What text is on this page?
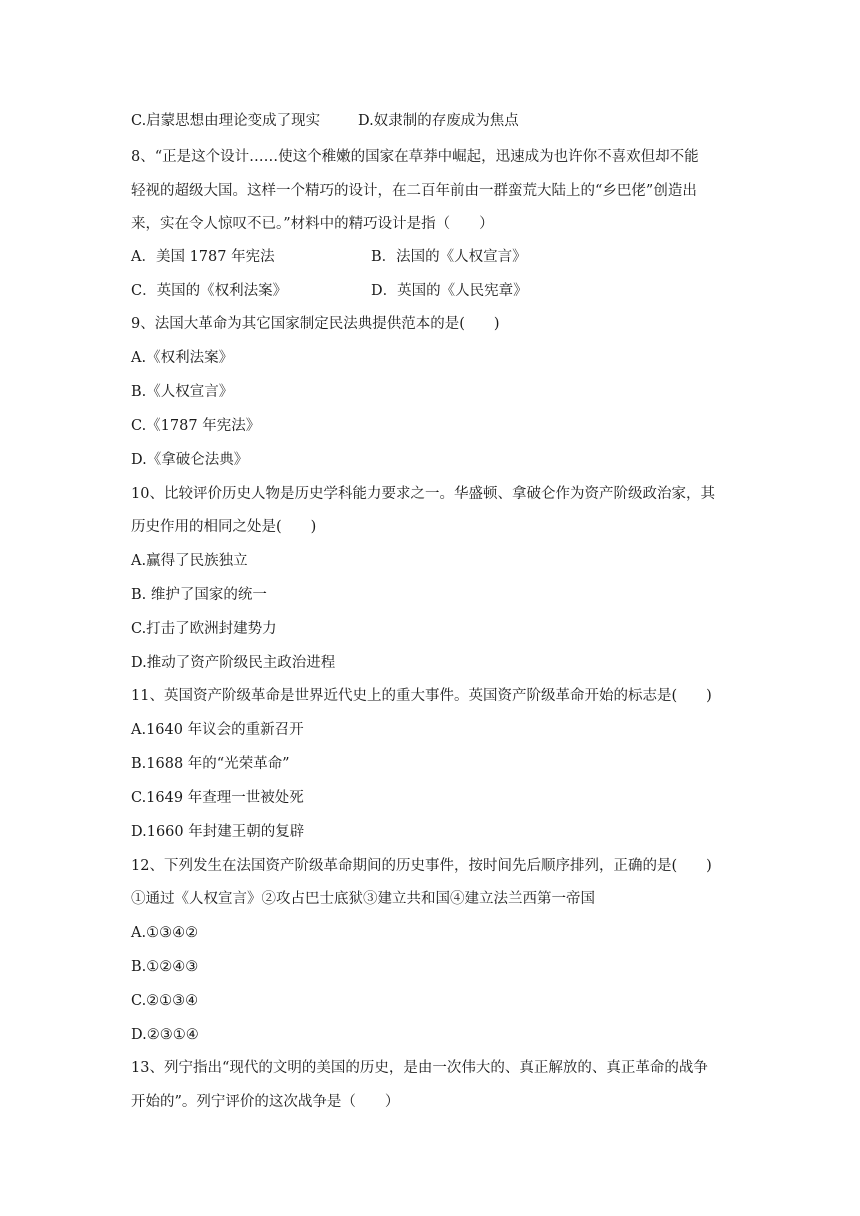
C.启蒙思想由理论变成了现实	D.奴隶制的存废成为焦点
8、“正是这个设计……使这个稚嫩的国家在草莽中崛起，迅速成为也许你不喜欢但却不能
轻视的超级大国。这样一个精巧的设计，在二百年前由一群蛮荒大陆上的“乡巴佬”创造出
来，实在令人惊叹不已。”材料中的精巧设计是指（　　）
A．美国 1787 年宪法	B．法国的《人权宣言》
C．英国的《权利法案》	D．英国的《人民宪章》
9、法国大革命为其它国家制定民法典提供范本的是(　　)
A.《权利法案》
B.《人权宣言》
C.《1787 年宪法》
D.《拿破仑法典》
10、比较评价历史人物是历史学科能力要求之一。华盛顿、拿破仑作为资产阶级政治家，其
历史作用的相同之处是(　　)
A.赢得了民族独立
B. 维护了国家的统一
C.打击了欧洲封建势力
D.推动了资产阶级民主政治进程
11、英国资产阶级革命是世界近代史上的重大事件。英国资产阶级革命开始的标志是(　　)
A.1640 年议会的重新召开
B.1688 年的“光荣革命”
C.1649 年查理一世被处死
D.1660 年封建王朝的复辟
12、下列发生在法国资产阶级革命期间的历史事件，按时间先后顺序排列，正确的是(　　)
①通过《人权宣言》②攻占巴士底狱③建立共和国④建立法兰西第一帝国
A.①③④②
B.①②④③
C.②①③④
D.②③①④
13、列宁指出“现代的文明的美国的历史，是由一次伟大的、真正解放的、真正革命的战争
开始的”。列宁评价的这次战争是（　　）
